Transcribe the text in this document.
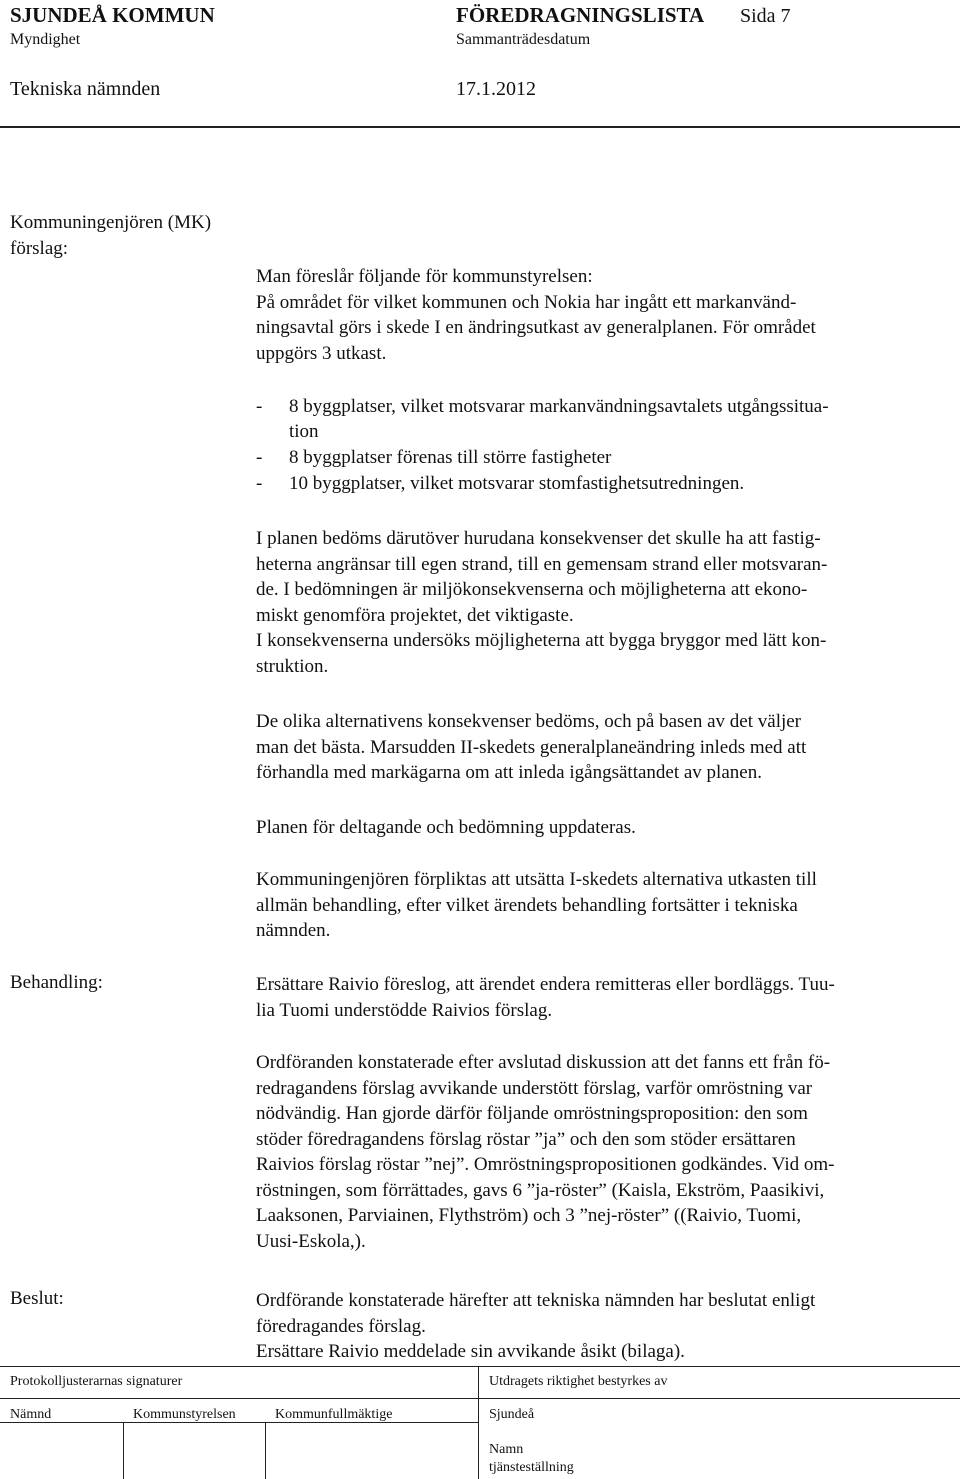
SJUNDEÅ KOMMUN	FÖREDRAGNINGSLISTA Sida 7
Myndighet	Sammanträdesdatum
Tekniska nämnden	17.1.2012
Kommuningenjören (MK)
förslag:
Man föreslår följande för kommunstyrelsen:
På området för vilket kommunen och Nokia har ingått ett markanvänd-
ningsavtal görs i skede I en ändringsutkast av generalplanen. För området
uppgörs 3 utkast.
- 8 byggplatser, vilket motsvarar markanvändningsavtalets utgångssitua-
tion
- 8 byggplatser förenas till större fastigheter
- 10 byggplatser, vilket motsvarar stomfastighetsutredningen.
I planen bedöms därutöver hurudana konsekvenser det skulle ha att fastig-
heterna angränsar till egen strand, till en gemensam strand eller motsvaran-
de. I bedömningen är miljökonsekvenserna och möjligheterna att ekono-
miskt genomföra projektet, det viktigaste.
I konsekvenserna undersöks möjligheterna att bygga bryggor med lätt kon-
struktion.
De olika alternativens konsekvenser bedöms, och på basen av det väljer
man det bästa. Marsudden II-skedets generalplaneändring inleds med att
förhandla med markägarna om att inleda igångsättandet av planen.
Planen för deltagande och bedömning uppdateras.
Kommuningenjören förpliktas att utsätta I-skedets alternativa utkasten till
allmän behandling, efter vilket ärendets behandling fortsätter i tekniska
nämnden.
Behandling:	Ersättare Raivio föreslog, att ärendet endera remitteras eller bordläggs. Tuu-
lia Tuomi understödde Raivios förslag.
Ordföranden konstaterade efter avslutad diskussion att det fanns ett från fö-
redragandens förslag avvikande understött förslag, varför omröstning var
nödvändig. Han gjorde därför följande omröstningsproposition: den som
stöder föredragandens förslag röstar ”ja” och den som stöder ersättaren
Raivios förslag röstar ”nej”. Omröstningspropositionen godkändes. Vid om-
röstningen, som förrättades, gavs 6 ”ja-röster” (Kaisla, Ekström, Paasikivi,
Laaksonen, Parviainen, Flythström) och 3 ”nej-röster” ((Raivio, Tuomi,
Uusi-Eskola,).
Beslut:	Ordförande konstaterade härefter att tekniska nämnden har beslutat enligt
föredragandes förslag.
Ersättare Raivio meddelade sin avvikande åsikt (bilaga).
Protokolljusterarnas signaturer	Utdragets riktighet bestyrkes av
Nämnd	Kommunstyrelsen	Kommunfullmäktige	Sjundeå
Namn
tjänsteställning
